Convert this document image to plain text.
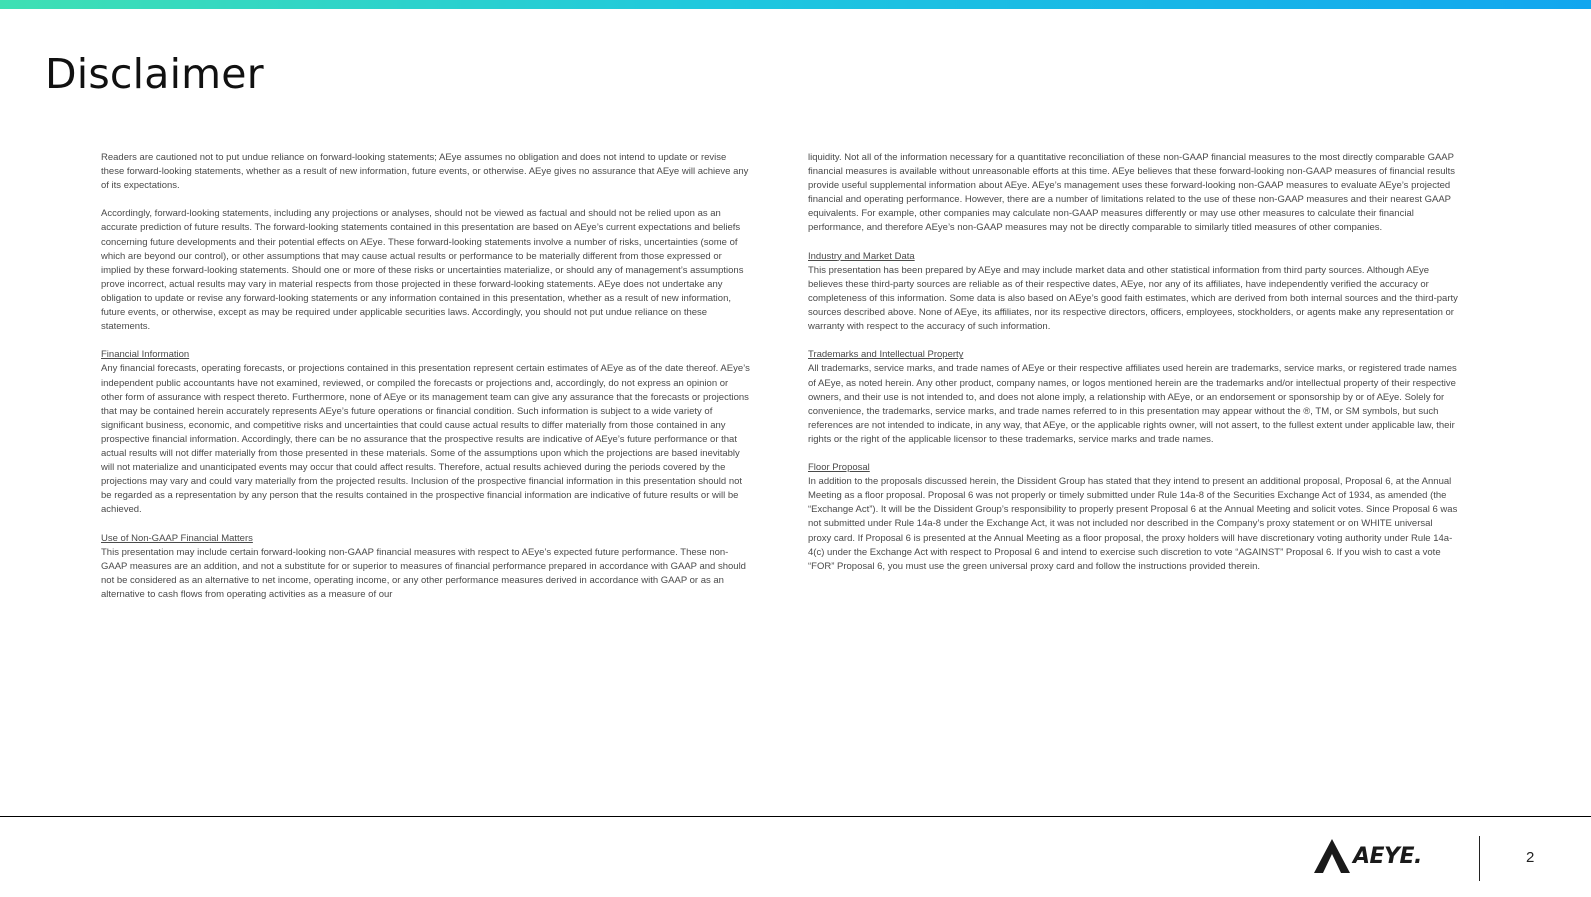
Disclaimer
Readers are cautioned not to put undue reliance on forward-looking statements; AEye assumes no obligation and does not intend to update or revise these forward-looking statements, whether as a result of new information, future events, or otherwise. AEye gives no assurance that AEye will achieve any of its expectations.
Accordingly, forward-looking statements, including any projections or analyses, should not be viewed as factual and should not be relied upon as an accurate prediction of future results. The forward-looking statements contained in this presentation are based on AEye’s current expectations and beliefs concerning future developments and their potential effects on AEye. These forward-looking statements involve a number of risks, uncertainties (some of which are beyond our control), or other assumptions that may cause actual results or performance to be materially different from those expressed or implied by these forward-looking statements. Should one or more of these risks or uncertainties materialize, or should any of management’s assumptions prove incorrect, actual results may vary in material respects from those projected in these forward-looking statements. AEye does not undertake any obligation to update or revise any forward-looking statements or any information contained in this presentation, whether as a result of new information, future events, or otherwise, except as may be required under applicable securities laws. Accordingly, you should not put undue reliance on these statements.
Financial Information
Any financial forecasts, operating forecasts, or projections contained in this presentation represent certain estimates of AEye as of the date thereof. AEye’s independent public accountants have not examined, reviewed, or compiled the forecasts or projections and, accordingly, do not express an opinion or other form of assurance with respect thereto. Furthermore, none of AEye or its management team can give any assurance that the forecasts or projections that may be contained herein accurately represents AEye’s future operations or financial condition. Such information is subject to a wide variety of significant business, economic, and competitive risks and uncertainties that could cause actual results to differ materially from those contained in any prospective financial information. Accordingly, there can be no assurance that the prospective results are indicative of AEye’s future performance or that actual results will not differ materially from those presented in these materials. Some of the assumptions upon which the projections are based inevitably will not materialize and unanticipated events may occur that could affect results. Therefore, actual results achieved during the periods covered by the projections may vary and could vary materially from the projected results. Inclusion of the prospective financial information in this presentation should not be regarded as a representation by any person that the results contained in the prospective financial information are indicative of future results or will be achieved.
Use of Non-GAAP Financial Matters
This presentation may include certain forward-looking non-GAAP financial measures with respect to AEye’s expected future performance. These non-GAAP measures are an addition, and not a substitute for or superior to measures of financial performance prepared in accordance with GAAP and should not be considered as an alternative to net income, operating income, or any other performance measures derived in accordance with GAAP or as an alternative to cash flows from operating activities as a measure of our
liquidity. Not all of the information necessary for a quantitative reconciliation of these non-GAAP financial measures to the most directly comparable GAAP financial measures is available without unreasonable efforts at this time. AEye believes that these forward-looking non-GAAP measures of financial results provide useful supplemental information about AEye. AEye’s management uses these forward-looking non-GAAP measures to evaluate AEye’s projected financial and operating performance. However, there are a number of limitations related to the use of these non-GAAP measures and their nearest GAAP equivalents. For example, other companies may calculate non-GAAP measures differently or may use other measures to calculate their financial performance, and therefore AEye’s non-GAAP measures may not be directly comparable to similarly titled measures of other companies.
Industry and Market Data
This presentation has been prepared by AEye and may include market data and other statistical information from third party sources. Although AEye believes these third-party sources are reliable as of their respective dates, AEye, nor any of its affiliates, have independently verified the accuracy or completeness of this information. Some data is also based on AEye’s good faith estimates, which are derived from both internal sources and the third-party sources described above. None of AEye, its affiliates, nor its respective directors, officers, employees, stockholders, or agents make any representation or warranty with respect to the accuracy of such information.
Trademarks and Intellectual Property
All trademarks, service marks, and trade names of AEye or their respective affiliates used herein are trademarks, service marks, or registered trade names of AEye, as noted herein. Any other product, company names, or logos mentioned herein are the trademarks and/or intellectual property of their respective owners, and their use is not intended to, and does not alone imply, a relationship with AEye, or an endorsement or sponsorship by or of AEye. Solely for convenience, the trademarks, service marks, and trade names referred to in this presentation may appear without the ®, TM, or SM symbols, but such references are not intended to indicate, in any way, that AEye, or the applicable rights owner, will not assert, to the fullest extent under applicable law, their rights or the right of the applicable licensor to these trademarks, service marks and trade names.
Floor Proposal
In addition to the proposals discussed herein, the Dissident Group has stated that they intend to present an additional proposal, Proposal 6, at the Annual Meeting as a floor proposal. Proposal 6 was not properly or timely submitted under Rule 14a-8 of the Securities Exchange Act of 1934, as amended (the “Exchange Act”). It will be the Dissident Group’s responsibility to properly present Proposal 6 at the Annual Meeting and solicit votes. Since Proposal 6 was not submitted under Rule 14a-8 under the Exchange Act, it was not included nor described in the Company’s proxy statement or on WHITE universal proxy card. If Proposal 6 is presented at the Annual Meeting as a floor proposal, the proxy holders will have discretionary voting authority under Rule 14a-4(c) under the Exchange Act with respect to Proposal 6 and intend to exercise such discretion to vote “AGAINST” Proposal 6. If you wish to cast a vote “FOR” Proposal 6, you must use the green universal proxy card and follow the instructions provided therein.
AEYE.	2
